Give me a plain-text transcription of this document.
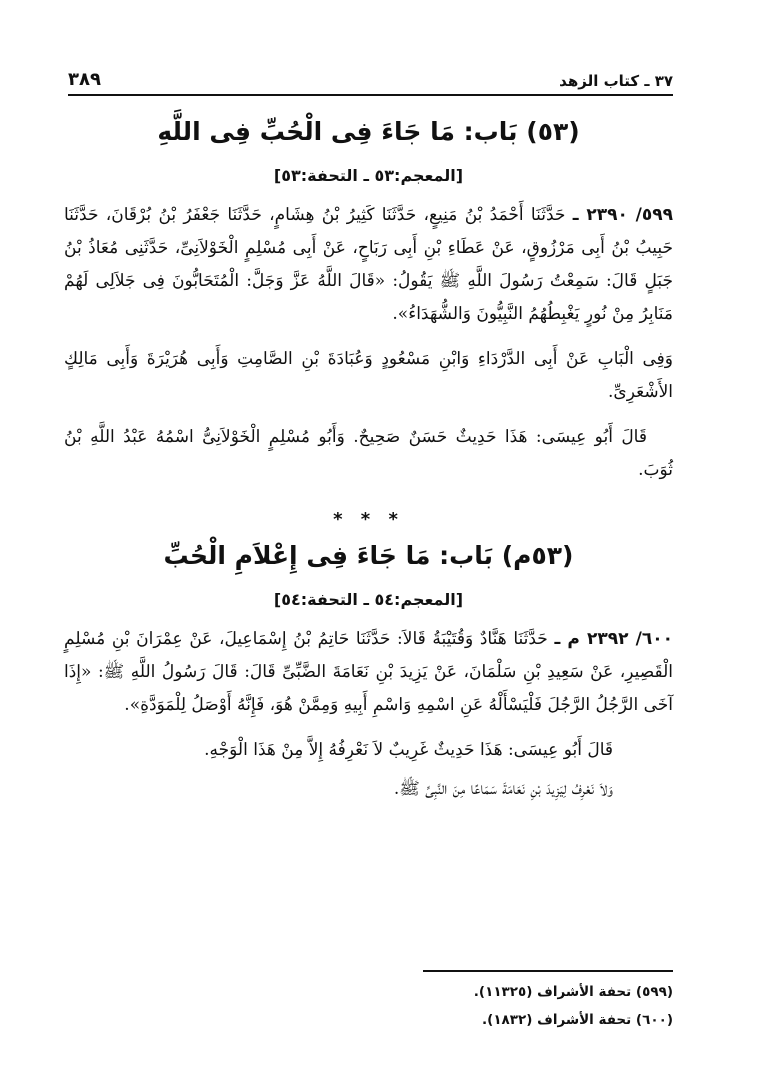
٣٧ ـ كتاب الزهد
٣٨٩
(٥٣) بَاب: مَا جَاءَ فِى الْحُبِّ فِى اللَّهِ
[المعجم:٥٣ ـ التحفة:٥٣]

٥٩٩/ ٢٣٩٠ ـ حَدَّثَنَا أَحْمَدُ بْنُ مَنِيعٍ، حَدَّثَنَا كَثِيرُ بْنُ هِشَامٍ، حَدَّثَنَا جَعْفَرُ بْنُ بُرْقَانَ، حَدَّثَنَا حَبِيبُ بْنُ أَبِى مَرْزُوقٍ، عَنْ عَطَاءِ بْنِ أَبِى رَبَاحٍ، عَنْ أَبِى مُسْلِمٍ الْخَوْلاَنِىِّ، حَدَّثَنِى مُعَاذُ بْنُ جَبَلٍ قَالَ: سَمِعْتُ رَسُولَ اللَّهِ ﷺ يَقُولُ: «قَالَ اللَّهُ عَزَّ وَجَلَّ: الْمُتَحَابُّونَ فِى جَلاَلِى لَهُمْ مَنَابِرُ مِنْ نُورٍ يَغْبِطُهُمُ النَّبِيُّونَ وَالشُّهَدَاءُ».

وَفِى الْبَابِ عَنْ أَبِى الدَّرْدَاءِ وَابْنِ مَسْعُودٍ وَعُبَادَةَ بْنِ الصَّامِتِ وَأَبِى هُرَيْرَةَ وَأَبِى مَالِكٍ الأَشْعَرِىِّ.

قَالَ أَبُو عِيسَى: هَذَا حَدِيثٌ حَسَنٌ صَحِيحٌ. وَأَبُو مُسْلِمٍ الْخَوْلاَنِىُّ اسْمُهُ عَبْدُ اللَّهِ بْنُ ثُوَبَ.

* * *
(٥٣م) بَاب: مَا جَاءَ فِى إِعْلاَمِ الْحُبِّ
[المعجم:٥٤ ـ التحفة:٥٤]

٦٠٠/ ٢٣٩٢ م ـ حَدَّثَنَا هَنَّادٌ وَقُتَيْبَةُ قَالاَ: حَدَّثَنَا حَاتِمُ بْنُ إِسْمَاعِيلَ، عَنْ عِمْرَانَ بْنِ مُسْلِمٍ الْقَصِيرِ، عَنْ سَعِيدِ بْنِ سَلْمَانَ، عَنْ يَزِيدَ بْنِ نَعَامَةَ الضَّبِّىِّ قَالَ: قَالَ رَسُولُ اللَّهِ ﷺ: «إِذَا آخَى الرَّجُلُ الرَّجُلَ فَلْيَسْأَلْهُ عَنِ اسْمِهِ وَاسْمِ أَبِيهِ وَمِمَّنْ هُوَ، فَإِنَّهُ أَوْصَلُ لِلْمَوَدَّةِ».

قَالَ أَبُو عِيسَى: هَذَا حَدِيثٌ غَرِيبٌ لاَ نَعْرِفُهُ إِلاَّ مِنْ هَذَا الْوَجْهِ.

وَلاَ نَعْرِفُ لِيَزِيدَ بْنِ نَعَامَةَ سَمَاعًا مِنَ النَّبِىِّ ﷺ.

(٥٩٩) تحفة الأشراف (١١٣٢٥).
(٦٠٠) تحفة الأشراف (١٨٣٢).
